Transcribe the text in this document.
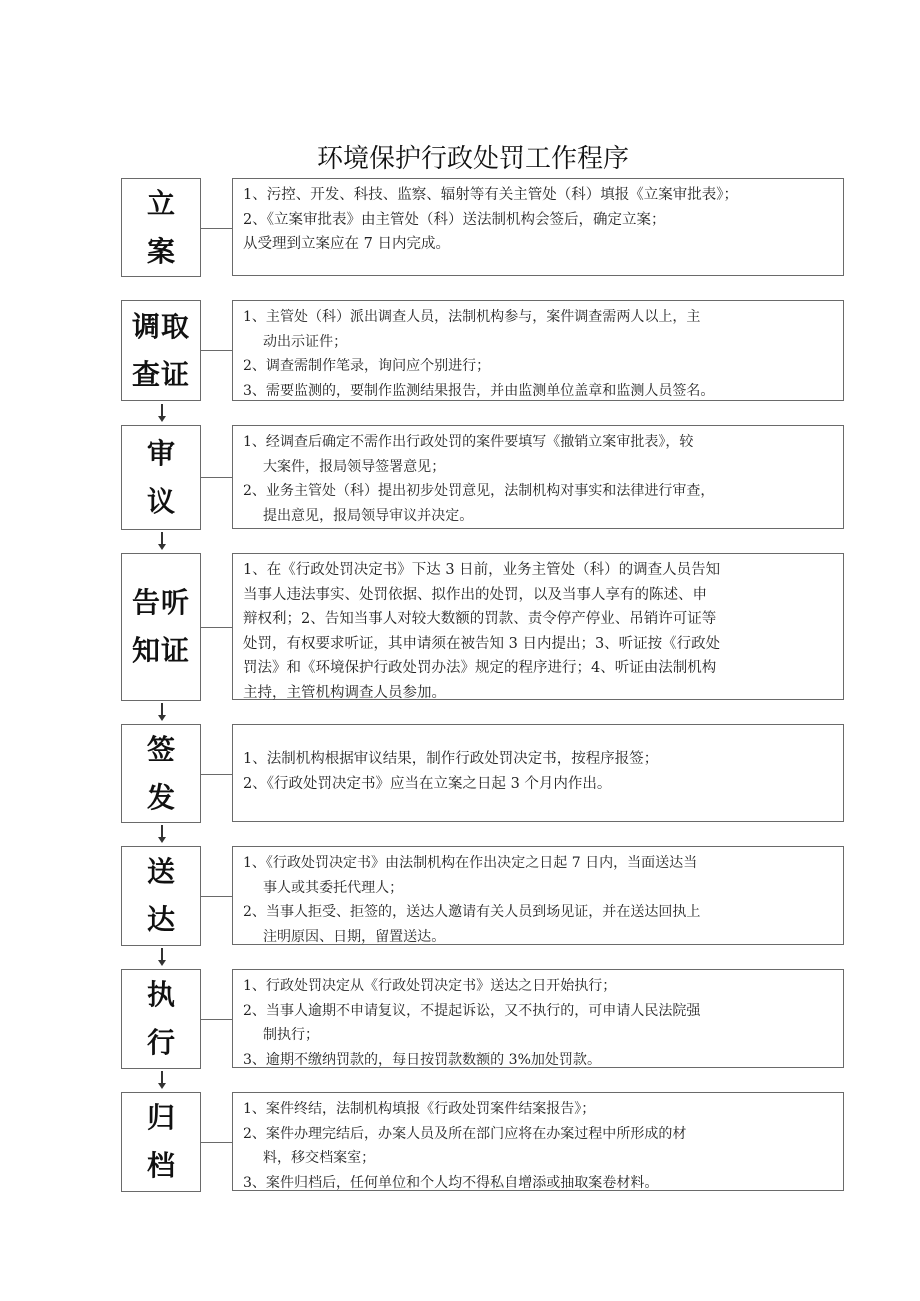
环境保护行政处罚工作程序
立案
1、污控、开发、科技、监察、辐射等有关主管处（科）填报《立案审批表》；
2、《立案审批表》由主管处（科）送法制机构会签后，确定立案；
从受理到立案应在 7 日内完成。
调取查证
1、主管处（科）派出调查人员，法制机构参与，案件调查需两人以上，主
动出示证件；
2、调查需制作笔录，询问应个别进行；
3、需要监测的，要制作监测结果报告，并由监测单位盖章和监测人员签名。
审议
1、经调查后确定不需作出行政处罚的案件要填写《撤销立案审批表》，较
大案件，报局领导签署意见；
2、业务主管处（科）提出初步处罚意见，法制机构对事实和法律进行审查，
提出意见，报局领导审议并决定。
告听知证
1、在《行政处罚决定书》下达 3 日前，业务主管处（科）的调查人员告知
当事人违法事实、处罚依据、拟作出的处罚，以及当事人享有的陈述、申
辩权利；2、告知当事人对较大数额的罚款、责令停产停业、吊销许可证等
处罚，有权要求听证，其申请须在被告知 3 日内提出；3、听证按《行政处
罚法》和《环境保护行政处罚办法》规定的程序进行；4、听证由法制机构
主持，主管机构调查人员参加。
签发
1、法制机构根据审议结果，制作行政处罚决定书，按程序报签；
2、《行政处罚决定书》应当在立案之日起 3 个月内作出。
送达
1、《行政处罚决定书》由法制机构在作出决定之日起 7 日内，当面送达当
事人或其委托代理人；
2、当事人拒受、拒签的，送达人邀请有关人员到场见证，并在送达回执上
注明原因、日期，留置送达。
执行
1、行政处罚决定从《行政处罚决定书》送达之日开始执行；
2、当事人逾期不申请复议，不提起诉讼，又不执行的，可申请人民法院强
制执行；
3、逾期不缴纳罚款的，每日按罚款数额的 3%加处罚款。
归档
1、案件终结，法制机构填报《行政处罚案件结案报告》；
2、案件办理完结后，办案人员及所在部门应将在办案过程中所形成的材
料，移交档案室；
3、案件归档后，任何单位和个人均不得私自增添或抽取案卷材料。
